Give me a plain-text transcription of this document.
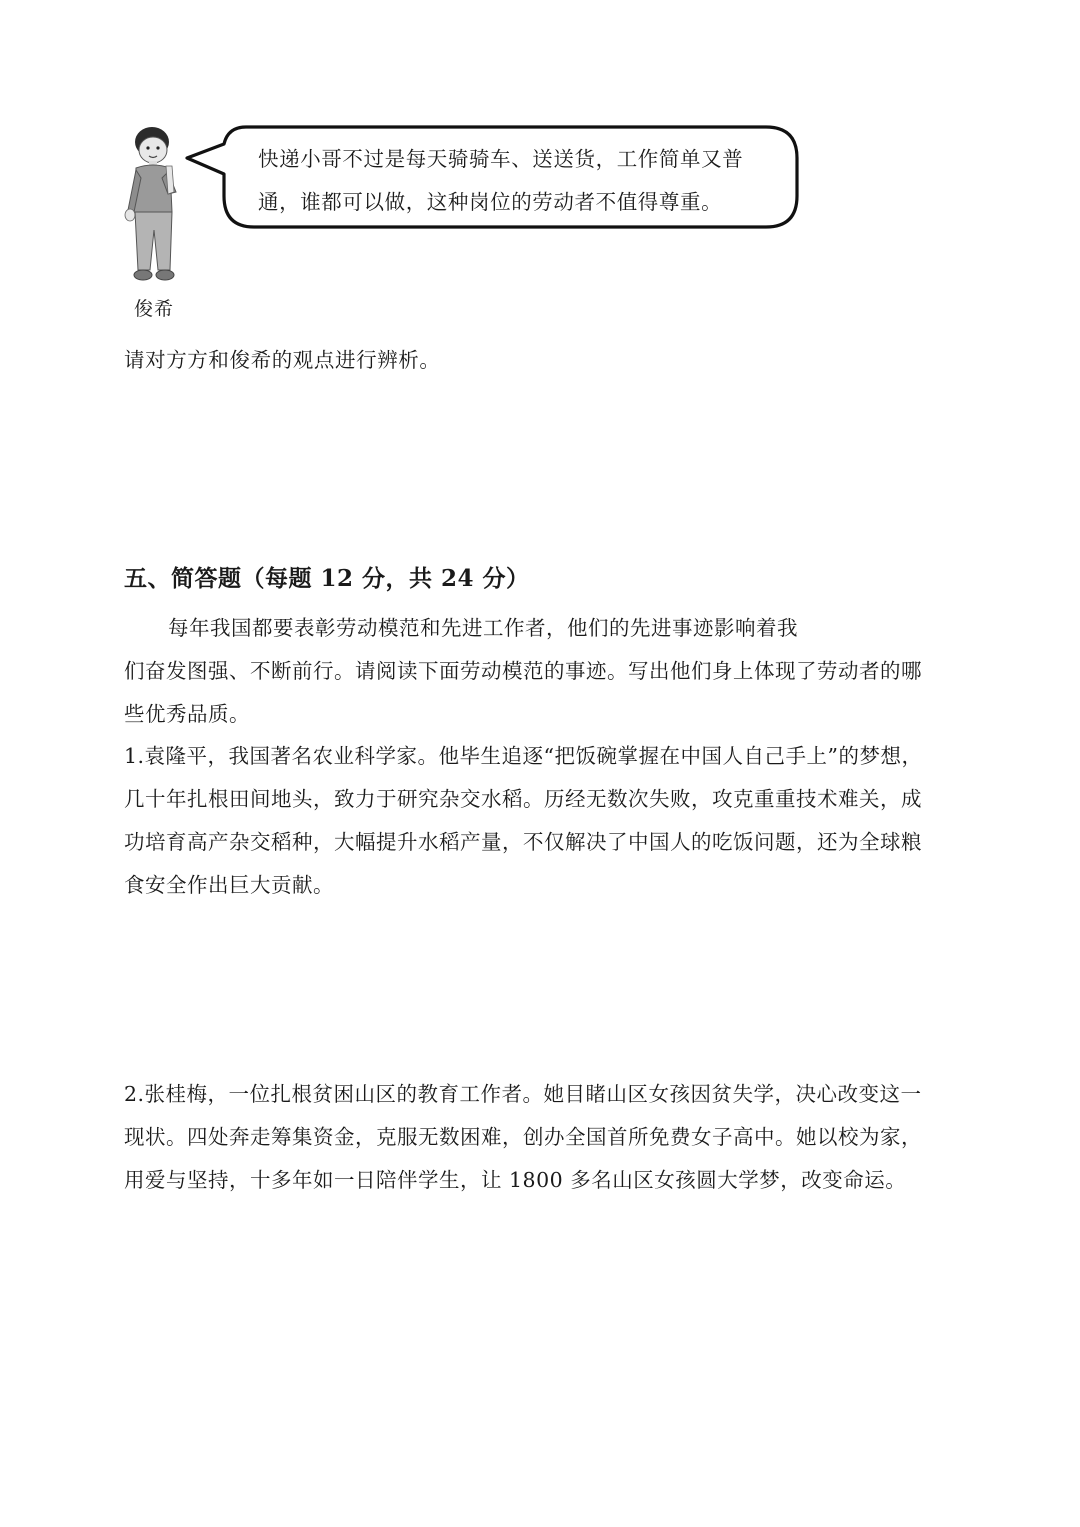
俊希
快递小哥不过是每天骑骑车、送送货，工作简单又普
通，谁都可以做，这种岗位的劳动者不值得尊重。
请对方方和俊希的观点进行辨析。
五、简答题（每题 12 分，共 24 分）
每年我国都要表彰劳动模范和先进工作者，他们的先进事迹影响着我
们奋发图强、不断前行。请阅读下面劳动模范的事迹。写出他们身上体现了劳动者的哪
些优秀品质。
1.袁隆平，我国著名农业科学家。他毕生追逐“把饭碗掌握在中国人自己手上”的梦想，
几十年扎根田间地头，致力于研究杂交水稻。历经无数次失败，攻克重重技术难关，成
功培育高产杂交稻种，大幅提升水稻产量，不仅解决了中国人的吃饭问题，还为全球粮
食安全作出巨大贡献。
2.张桂梅，一位扎根贫困山区的教育工作者。她目睹山区女孩因贫失学，决心改变这一
现状。四处奔走筹集资金，克服无数困难，创办全国首所免费女子高中。她以校为家，
用爱与坚持，十多年如一日陪伴学生，让 1800 多名山区女孩圆大学梦，改变命运。
